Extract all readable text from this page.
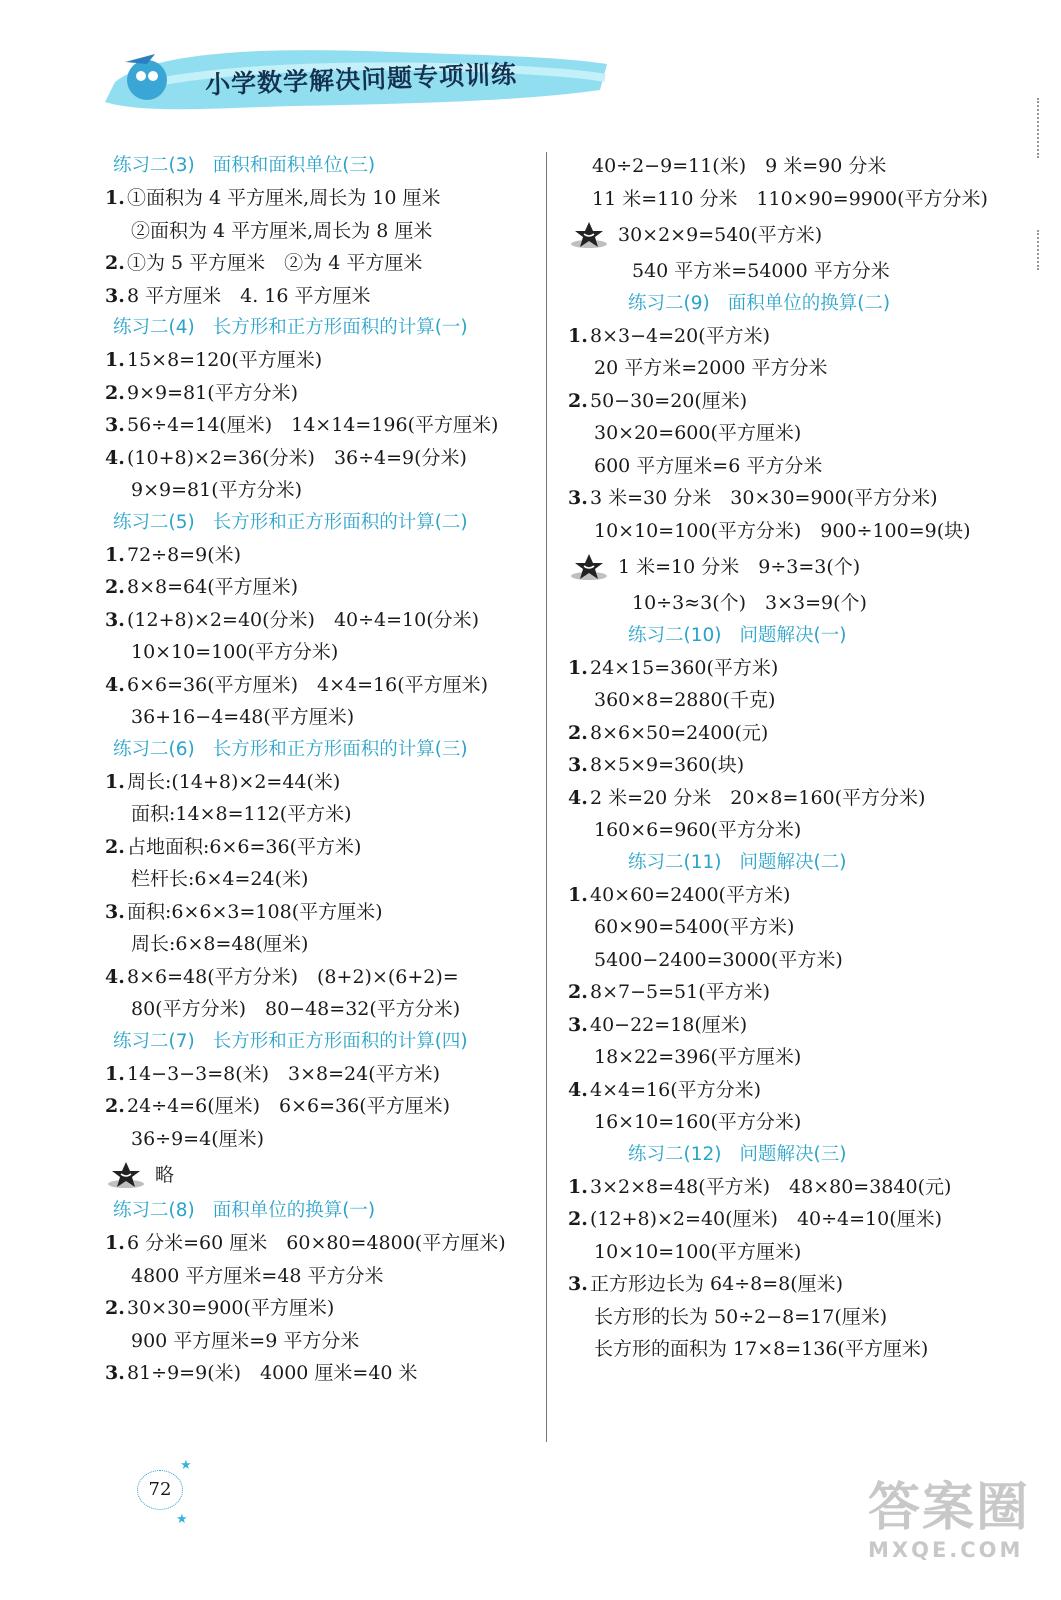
小学数学解决问题专项训练
练习二(3) 面积和面积单位(三)
1. ①面积为 4 平方厘米,周长为 10 厘米
②面积为 4 平方厘米,周长为 8 厘米
2. ①为 5 平方厘米　②为 4 平方厘米
3. 8 平方厘米　4. 16 平方厘米
练习二(4) 长方形和正方形面积的计算(一)
1. 15×8=120(平方厘米)
2. 9×9=81(平方分米)
3. 56÷4=14(厘米)　14×14=196(平方厘米)
4. (10+8)×2=36(分米)　36÷4=9(分米)
9×9=81(平方分米)
练习二(5) 长方形和正方形面积的计算(二)
1. 72÷8=9(米)
2. 8×8=64(平方厘米)
3. (12+8)×2=40(分米)　40÷4=10(分米)
10×10=100(平方分米)
4. 6×6=36(平方厘米)　4×4=16(平方厘米)
36+16−4=48(平方厘米)
练习二(6) 长方形和正方形面积的计算(三)
1. 周长:(14+8)×2=44(米)
面积:14×8=112(平方米)
2. 占地面积:6×6=36(平方米)
栏杆长:6×4=24(米)
3. 面积:6×6×3=108(平方厘米)
周长:6×8=48(厘米)
4. 8×6=48(平方分米)　(8+2)×(6+2)=
80(平方分米)　80−48=32(平方分米)
练习二(7) 长方形和正方形面积的计算(四)
1. 14−3−3=8(米)　3×8=24(平方米)
2. 24÷4=6(厘米)　6×6=36(平方厘米)
36÷9=4(厘米)
略
练习二(8) 面积单位的换算(一)
1. 6 分米=60 厘米　60×80=4800(平方厘米)
4800 平方厘米=48 平方分米
2. 30×30=900(平方厘米)
900 平方厘米=9 平方分米
3. 81÷9=9(米)　4000 厘米=40 米
40÷2−9=11(米)　9 米=90 分米
11 米=110 分米　110×90=9900(平方分米)
30×2×9=540(平方米)
540 平方米=54000 平方分米
练习二(9) 面积单位的换算(二)
1. 8×3−4=20(平方米)
20 平方米=2000 平方分米
2. 50−30=20(厘米)
30×20=600(平方厘米)
600 平方厘米=6 平方分米
3. 3 米=30 分米　30×30=900(平方分米)
10×10=100(平方分米)　900÷100=9(块)
1 米=10 分米　9÷3=3(个)
10÷3≈3(个)　3×3=9(个)
练习二(10) 问题解决(一)
1. 24×15=360(平方米)
360×8=2880(千克)
2. 8×6×50=2400(元)
3. 8×5×9=360(块)
4. 2 米=20 分米　20×8=160(平方分米)
160×6=960(平方分米)
练习二(11) 问题解决(二)
1. 40×60=2400(平方米)
60×90=5400(平方米)
5400−2400=3000(平方米)
2. 8×7−5=51(平方米)
3. 40−22=18(厘米)
18×22=396(平方厘米)
4. 4×4=16(平方分米)
16×10=160(平方分米)
练习二(12) 问题解决(三)
1. 3×2×8=48(平方米)　48×80=3840(元)
2. (12+8)×2=40(厘米)　40÷4=10(厘米)
10×10=100(平方厘米)
3. 正方形边长为 64÷8=8(厘米)
长方形的长为 50÷2−8=17(厘米)
长方形的面积为 17×8=136(平方厘米)
72
★
★	答案圈
MXQE.COM
